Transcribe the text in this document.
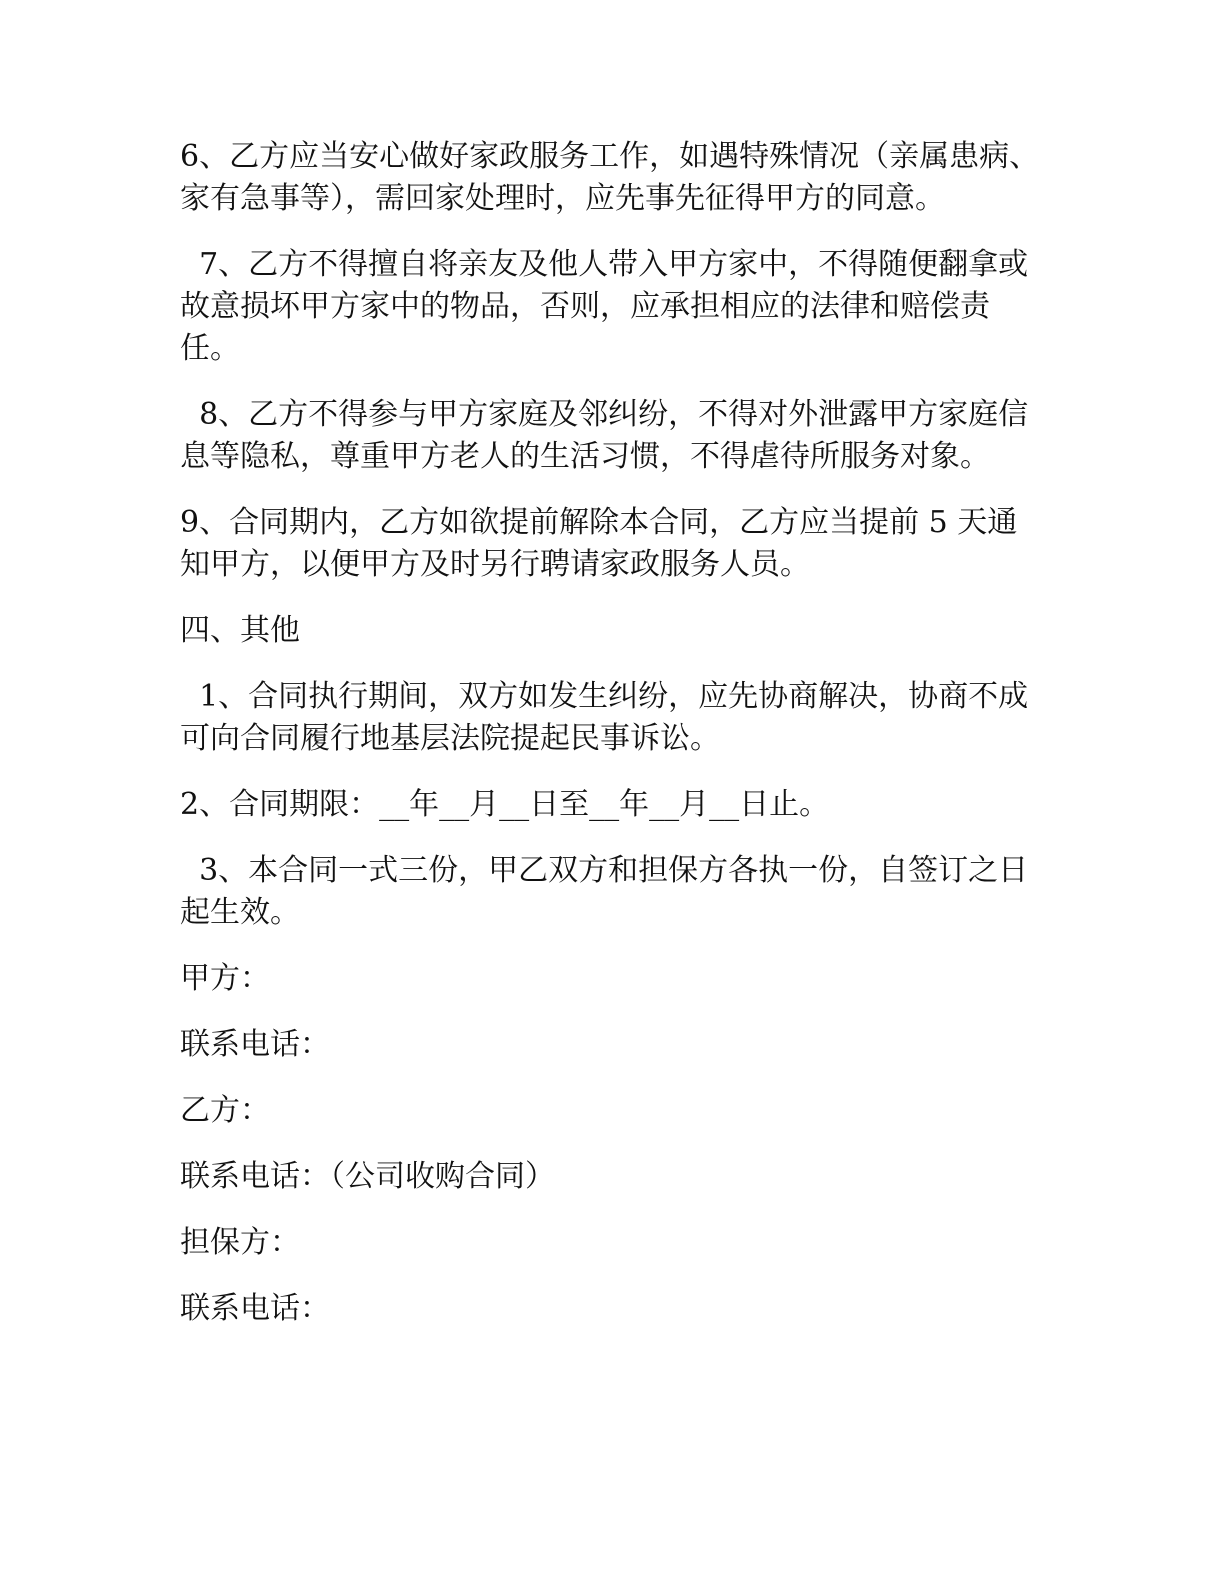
6、乙方应当安心做好家政服务工作，如遇特殊情况（亲属患病、家有急事等），需回家处理时，应先事先征得甲方的同意。

7、乙方不得擅自将亲友及他人带入甲方家中，不得随便翻拿或故意损坏甲方家中的物品，否则，应承担相应的法律和赔偿责任。

8、乙方不得参与甲方家庭及邻纠纷，不得对外泄露甲方家庭信息等隐私，尊重甲方老人的生活习惯，不得虐待所服务对象。

9、合同期内，乙方如欲提前解除本合同，乙方应当提前 5 天通知甲方，以便甲方及时另行聘请家政服务人员。

四、其他

1、合同执行期间，双方如发生纠纷，应先协商解决，协商不成可向合同履行地基层法院提起民事诉讼。

2、合同期限：__年__月__日至__年__月__日止。

3、本合同一式三份，甲乙双方和担保方各执一份，自签订之日起生效。

甲方：

联系电话：

乙方：

联系电话：（公司收购合同）

担保方：

联系电话：
